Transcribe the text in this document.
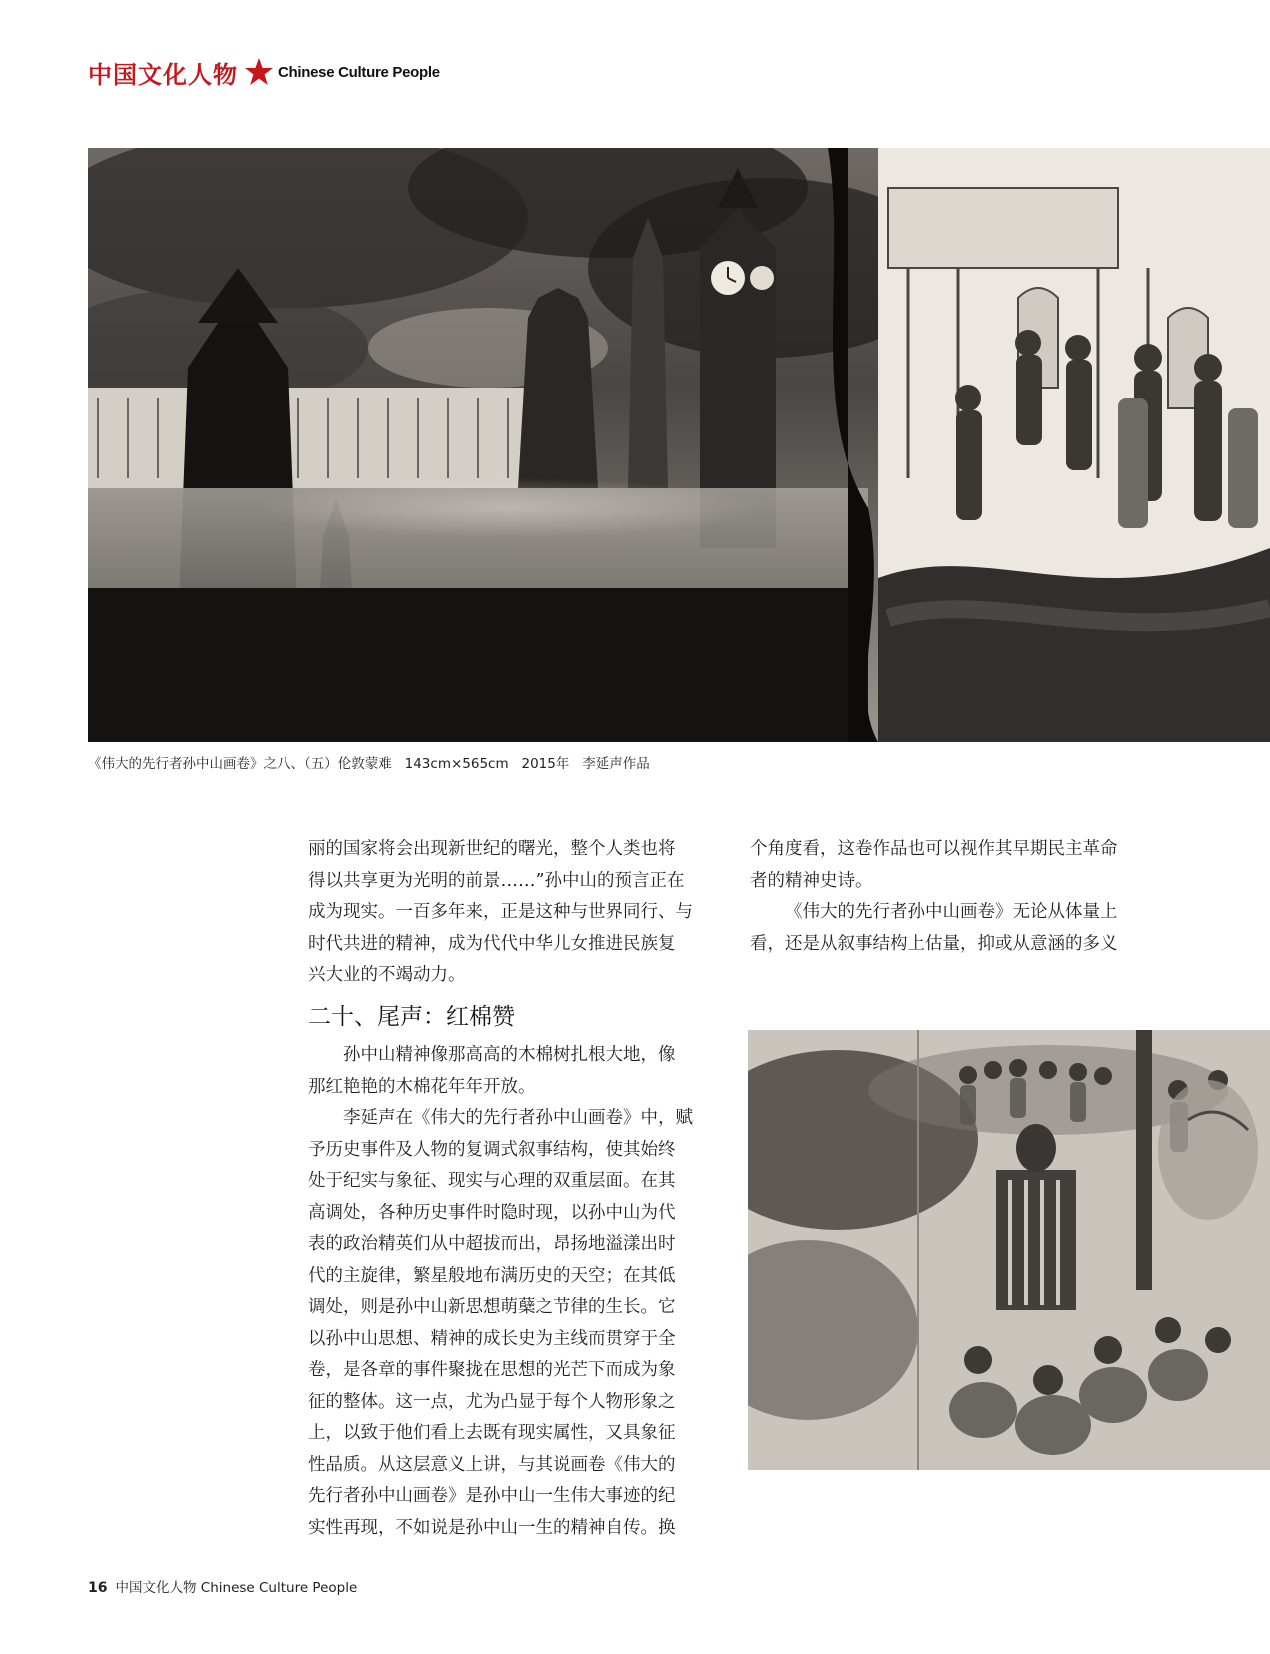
中国文化人物	Chinese Culture People
《伟大的先行者孙中山画卷》之八、（五）伦敦蒙难   143cm×565cm   2015年   李延声作品

丽的国家将会出现新世纪的曙光，整个人类也将
得以共享更为光明的前景……”孙中山的预言正在
成为现实。一百多年来，正是这种与世界同行、与
时代共进的精神，成为代代中华儿女推进民族复
兴大业的不竭动力。

二十、尾声：红棉赞

孙中山精神像那高高的木棉树扎根大地，像
那红艳艳的木棉花年年开放。

李延声在《伟大的先行者孙中山画卷》中，赋
予历史事件及人物的复调式叙事结构，使其始终
处于纪实与象征、现实与心理的双重层面。在其
高调处，各种历史事件时隐时现，以孙中山为代
表的政治精英们从中超拔而出，昂扬地溢漾出时
代的主旋律，繁星般地布满历史的天空；在其低
调处，则是孙中山新思想萌蘖之节律的生长。它
以孙中山思想、精神的成长史为主线而贯穿于全
卷，是各章的事件聚拢在思想的光芒下而成为象
征的整体。这一点，尤为凸显于每个人物形象之
上，以致于他们看上去既有现实属性，又具象征
性品质。从这层意义上讲，与其说画卷《伟大的
先行者孙中山画卷》是孙中山一生伟大事迹的纪
实性再现，不如说是孙中山一生的精神自传。换

个角度看，这卷作品也可以视作其早期民主革命
者的精神史诗。

《伟大的先行者孙中山画卷》无论从体量上
看，还是从叙事结构上估量，抑或从意涵的多义

16 中国文化人物 Chinese Culture People
